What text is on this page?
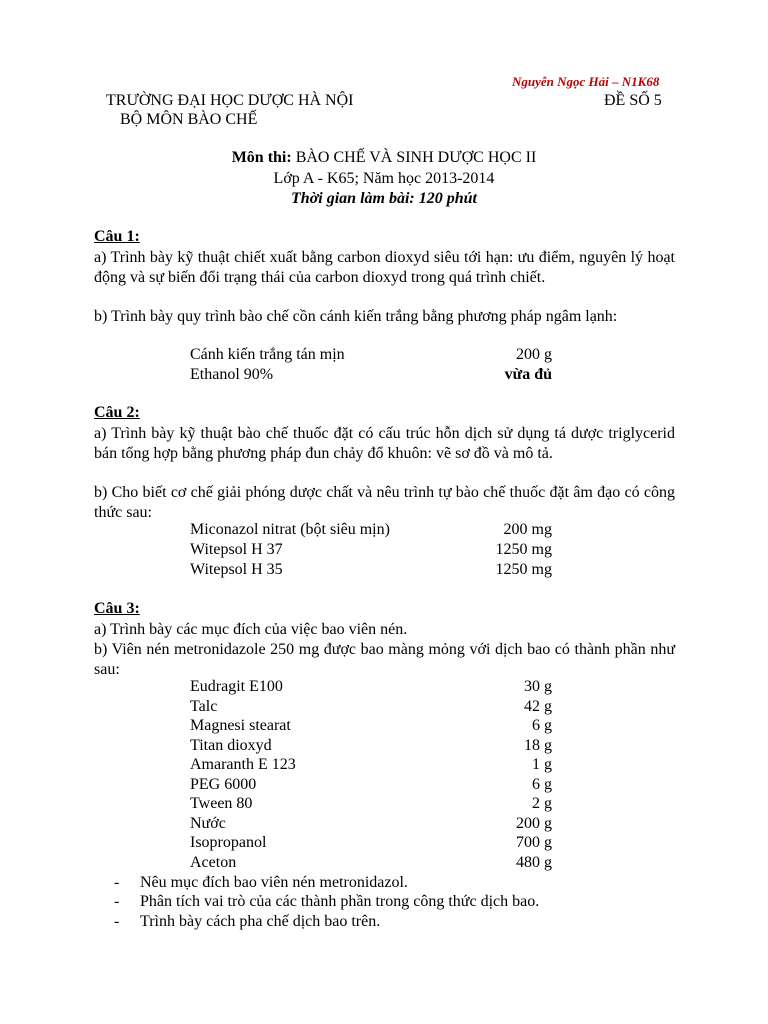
Nguyễn Ngọc Hải – N1K68
TRƯỜNG ĐẠI HỌC DƯỢC HÀ NỘI	ĐỀ SỐ 5
BỘ MÔN BÀO CHẾ
Môn thi: BÀO CHẾ VÀ SINH DƯỢC HỌC II
Lớp A - K65; Năm học 2013-2014
Thời gian làm bài: 120 phút
Câu 1:

a) Trình bày kỹ thuật chiết xuất bằng carbon dioxyd siêu tới hạn: ưu điểm, nguyên lý hoạt động và sự biến đổi trạng thái của carbon dioxyd trong quá trình chiết.

b) Trình bày quy trình bào chế cồn cánh kiến trắng bằng phương pháp ngâm lạnh:

Cánh kiến trắng tán mịn	200 g
Ethanol 90%	vừa đủ
Câu 2:

a) Trình bày kỹ thuật bào chế thuốc đặt có cấu trúc hỗn dịch sử dụng tá dược triglycerid bán tổng hợp bằng phương pháp đun chảy đổ khuôn: vẽ sơ đồ và mô tả.

b) Cho biết cơ chế giải phóng dược chất và nêu trình tự bào chế thuốc đặt âm đạo có công thức sau:

Miconazol nitrat (bột siêu mịn)	200 mg
Witepsol H 37	1250 mg
Witepsol H 35	1250 mg
Câu 3:

a) Trình bày các mục đích của việc bao viên nén.

b) Viên nén metronidazole 250 mg được bao màng mỏng với dịch bao có thành phần như sau:

Eudragit E100	30 g
Talc	42 g
Magnesi stearat	6 g
Titan dioxyd	18 g
Amaranth E 123	1 g
PEG 6000	6 g
Tween 80	2 g
Nước	200 g
Isopropanol	700 g
Aceton	480 g
- Nêu mục đích bao viên nén metronidazol.
- Phân tích vai trò của các thành phần trong công thức dịch bao.
- Trình bày cách pha chế dịch bao trên.
